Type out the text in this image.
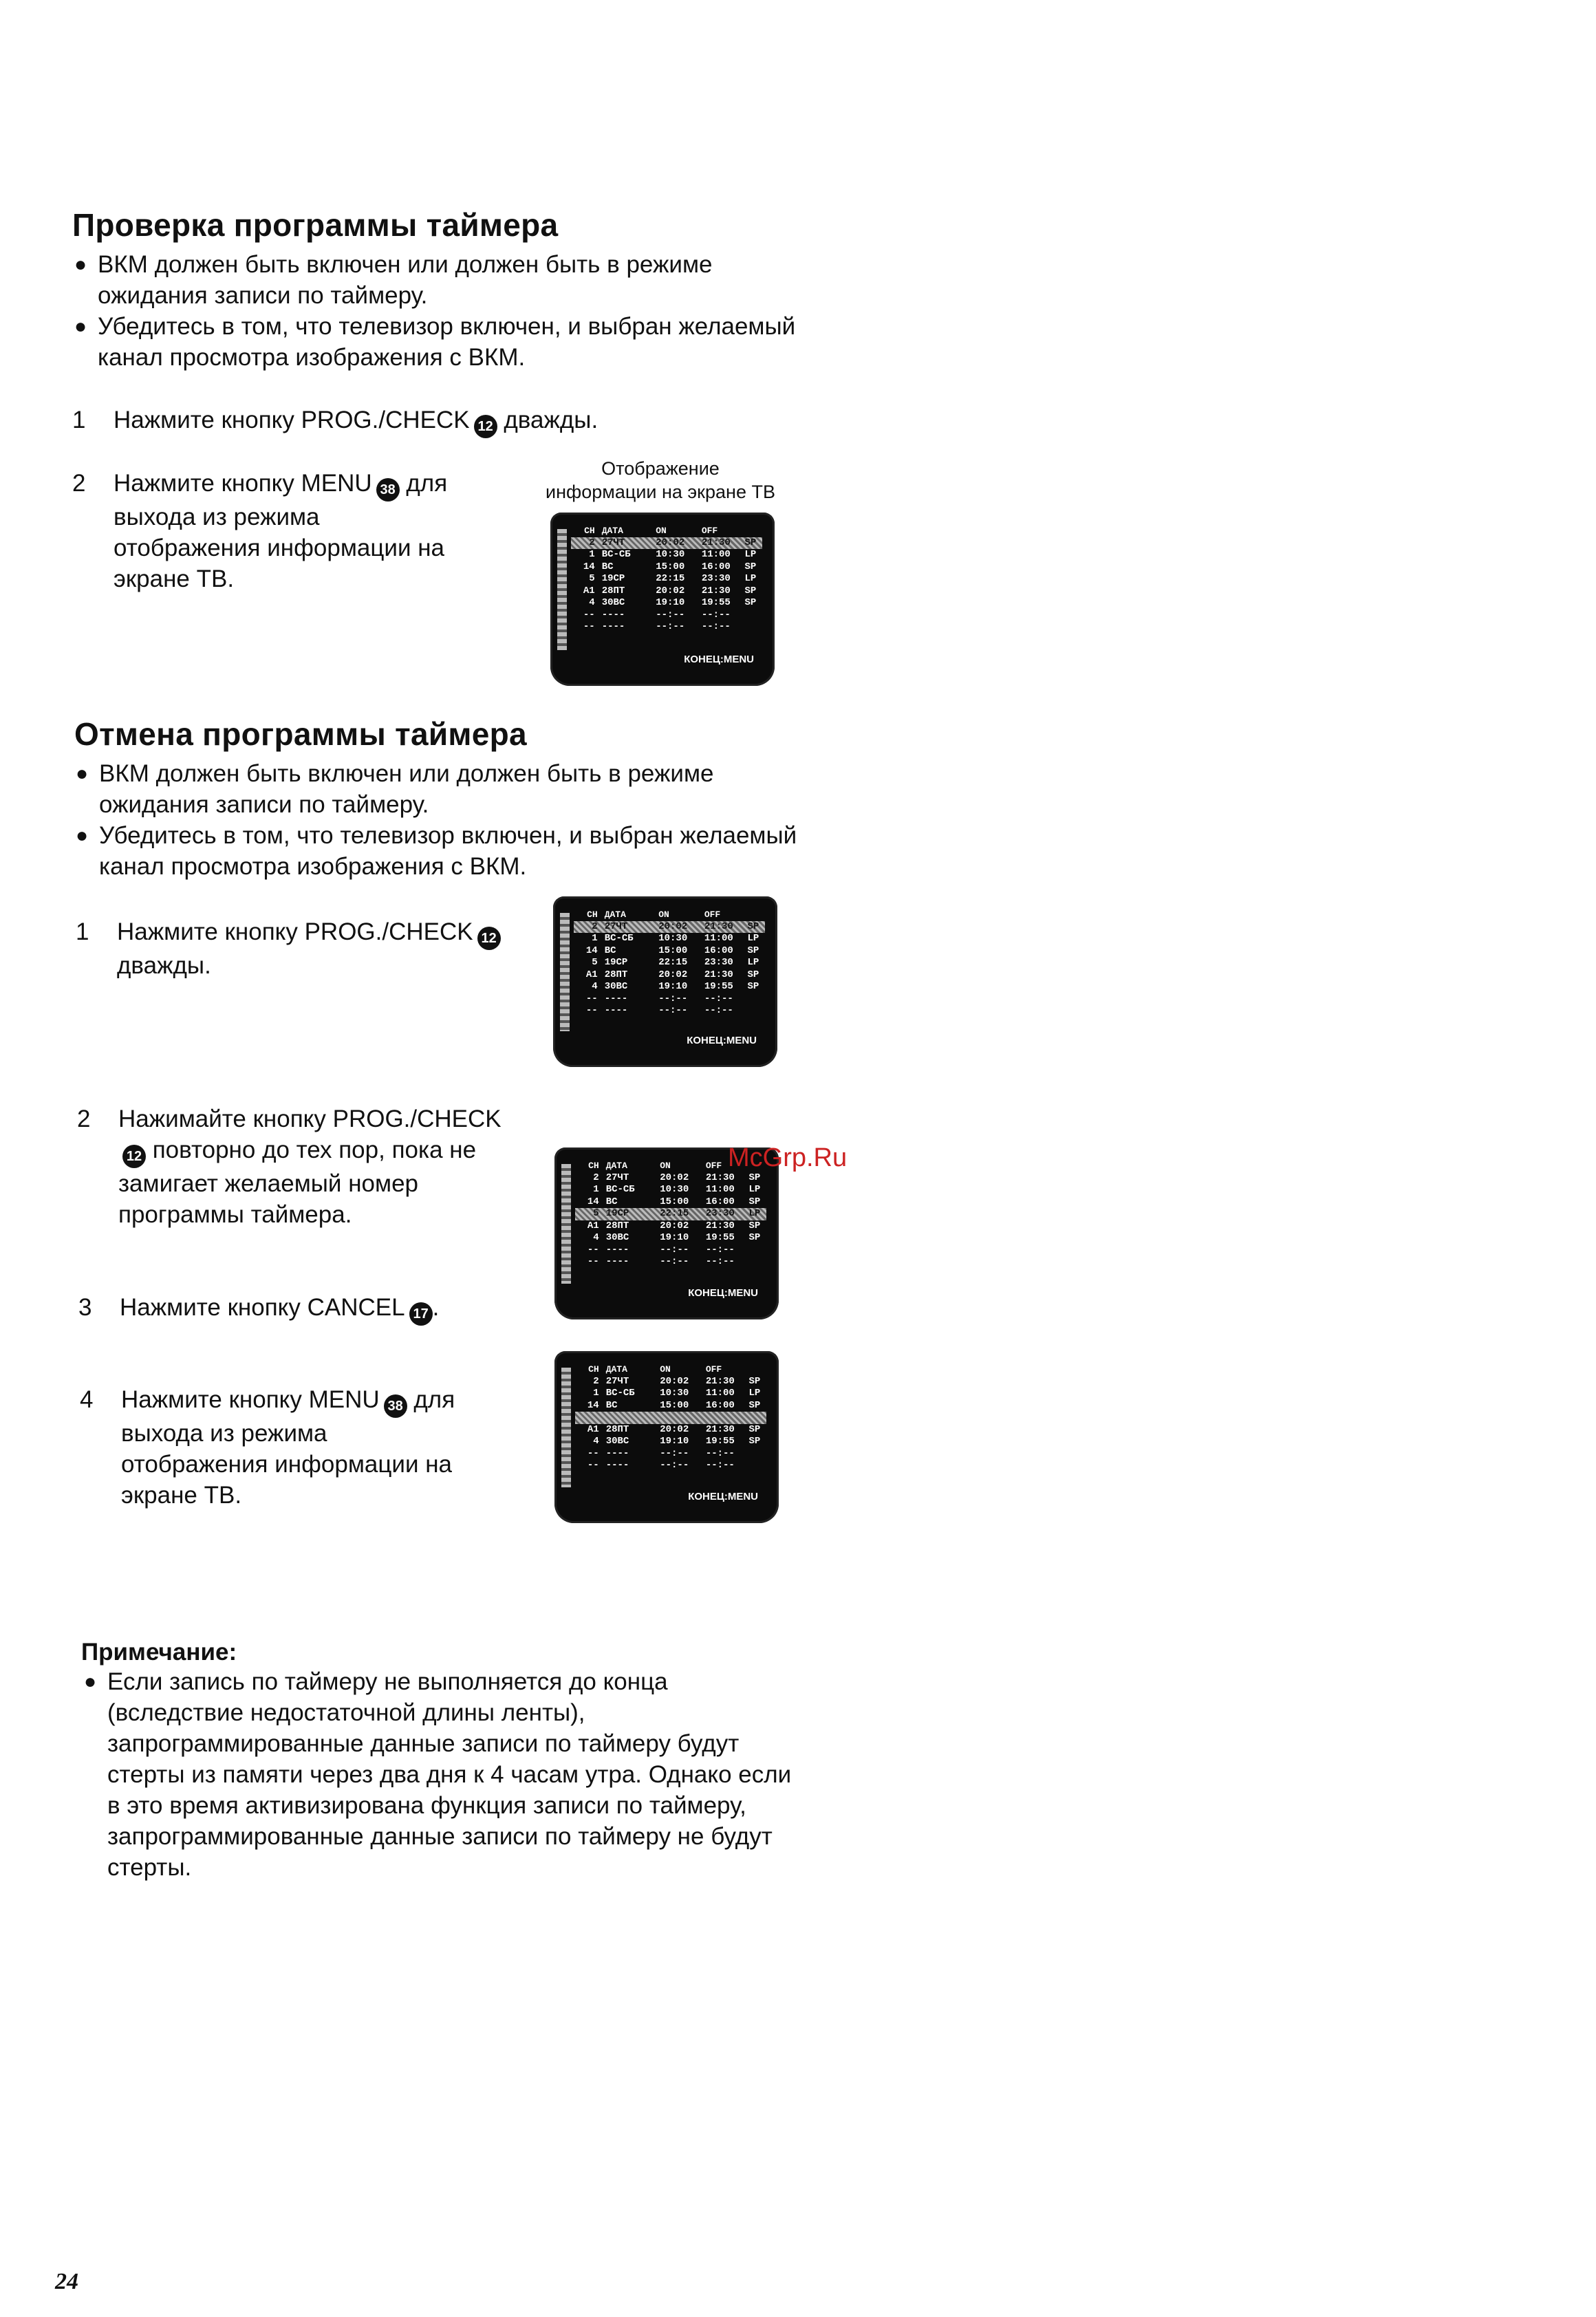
Проверка программы таймера
● ВКМ должен быть включен или должен быть в режиме ожидания записи по таймеру.
● Убедитесь в том, что телевизор включен, и выбран желаемый канал просмотра изображения с ВКМ.
1	Нажмите кнопку PROG./CHECK 12 дважды.
2	Нажмите кнопку MENU 38 для выхода из режима отображения информации на экране ТВ.
Отображение
информации на экране ТВ
СН ДАТА	ON	OFF
2 27ЧТ	20:02	21:30	SP
1 ВС-СБ	10:30	11:00	LP
14 ВС	15:00	16:00	SP
5 19СР	22:15	23:30	LP
A1 28ПТ	20:02	21:30	SP
4 30ВС	19:10	19:55	SP
-- ----	--:--	--:--
-- ----	--:--	--:--
КОНЕЦ:MENU
Отмена программы таймера
● ВКМ должен быть включен или должен быть в режиме ожидания записи по таймеру.
● Убедитесь в том, что телевизор включен, и выбран желаемый канал просмотра изображения с ВКМ.
1	Нажмите кнопку PROG./CHECK 12
дважды.
СН ДАТА	ON	OFF
2 27ЧТ	20:02	21:30	SP
1 ВС-СБ	10:30	11:00	LP
14 ВС	15:00	16:00	SP
5 19СР	22:15	23:30	LP
A1 28ПТ	20:02	21:30	SP
4 30ВС	19:10	19:55	SP
-- ----	--:--	--:--
-- ----	--:--	--:--
КОНЕЦ:MENU
2	Нажимайте кнопку PROG./CHECK12 повторно до тех пор, пока не замигает желаемый номер программы таймера.
СН ДАТА	ON	OFF
2 27ЧТ	20:02	21:30	SP
1 ВС-СБ	10:30	11:00	LP
14 ВС	15:00	16:00	SP
5 19СР	22:15	23:30	LP
A1 28ПТ	20:02	21:30	SP
4 30ВС	19:10	19:55	SP
-- ----	--:--	--:--
-- ----	--:--	--:--
КОНЕЦ:MENU
3	Нажмите кнопку CANCEL 17 .
4	Нажмите кнопку MENU 38 для выхода из режима отображения информации на экране ТВ.
СН ДАТА	ON	OFF
2 27ЧТ	20:02	21:30	SP
1 ВС-СБ	10:30	11:00	LP
14 ВС	15:00	16:00	SP
A1 28ПТ	20:02	21:30	SP
4 30ВС	19:10	19:55	SP
-- ----	--:--	--:--
-- ----	--:--	--:--
КОНЕЦ:MENU
McGrp.Ru
Примечание:
● Если запись по таймеру не выполняется до конца (вследствие недостаточной длины ленты), запрограммированные данные записи по таймеру будут стерты из памяти через два дня к 4 часам утра. Однако если в это время активизирована функция записи по таймеру, запрограммированные данные записи по таймеру не будут стерты.
24
